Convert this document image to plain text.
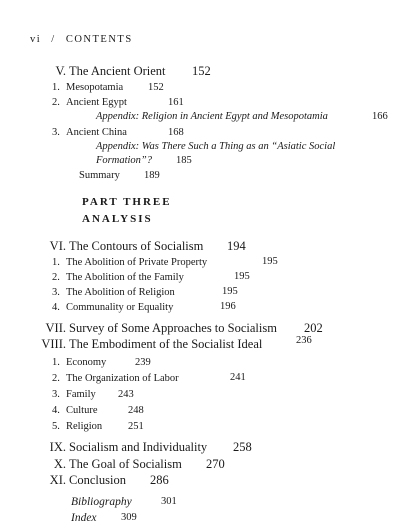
vi / CONTENTS
V. The Ancient Orient 152
1. Mesopotamia 152
2. Ancient Egypt	161
Appendix: Religion in Ancient Egypt and Mesopotamia	166
3. Ancient China	168
Appendix: Was There Such a Thing as an “Asiatic Social
Formation”? 185
Summary 189
PART THREE
ANALYSIS
VI. The Contours of Socialism 194
1. The Abolition of Private Property	195
2. The Abolition of the Family	195
3. The Abolition of Religion	195
4. Communality or Equality	196
VII. Survey of Some Approaches to Socialism 202
VIII. The Embodiment of the Socialist Ideal	236
1. Economy	239
2. The Organization of Labor	241
3. Family 243
4. Culture	248
5. Religion 251
IX. Socialism and Individuality 258
X. The Goal of Socialism 270
XI. Conclusion 286
Bibliography	301
Index 309
